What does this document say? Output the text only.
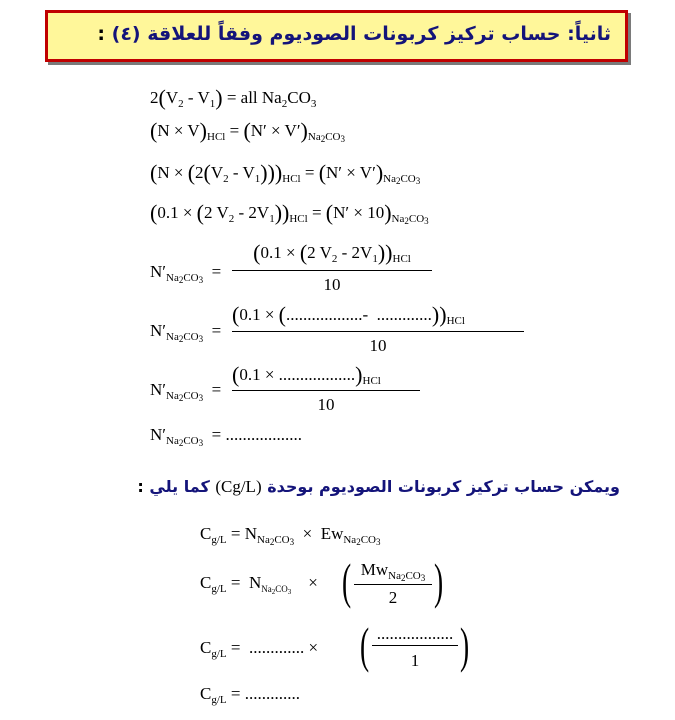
ثانياً: حساب تركيز كربونات الصوديوم وفقاً للعلاقة (٤) :
$2(V_2 - V_1)$ = all $Na_2CO_3$
$(N \times V)_{HCl} = (N' \times V')_{Na2CO3}$
$(N \times (2(V_2 - V_1)))_{HCl} = (N' \times V')_{Na2CO3}$
(0.1 × (2 $V_2 - 2V_1))_{HCl} = (N' \times 10)_{Na2CO3}$
$N'_{Na2CO3}$  =
(0.1 × (2 $V_2 - 2V_1))_{HCl}$
10
$N'_{Na2CO3}$  =
(0.1 × (..................-  $.............))_{HCl}$
10
$N'_{Na2CO3}$  =
$(0.1 \times ..................)_{HCl}$
10
$N'_{Na2CO3}$ = ..................
ويمكن حساب تركيز كربونات الصوديوم بوحدة (Cg/L) كما يلي :
$C_{g/L} = N_{Na2CO3} \times Ew_{Na2CO3}$
$C_{g/L} = N_{Na_2CO_3}$    × ( $Mw_{Na2CO3}$
2 )
$C_{g/L}$ =  ............. × ( ..................
1 )
$C_{g/L}$ = .............
